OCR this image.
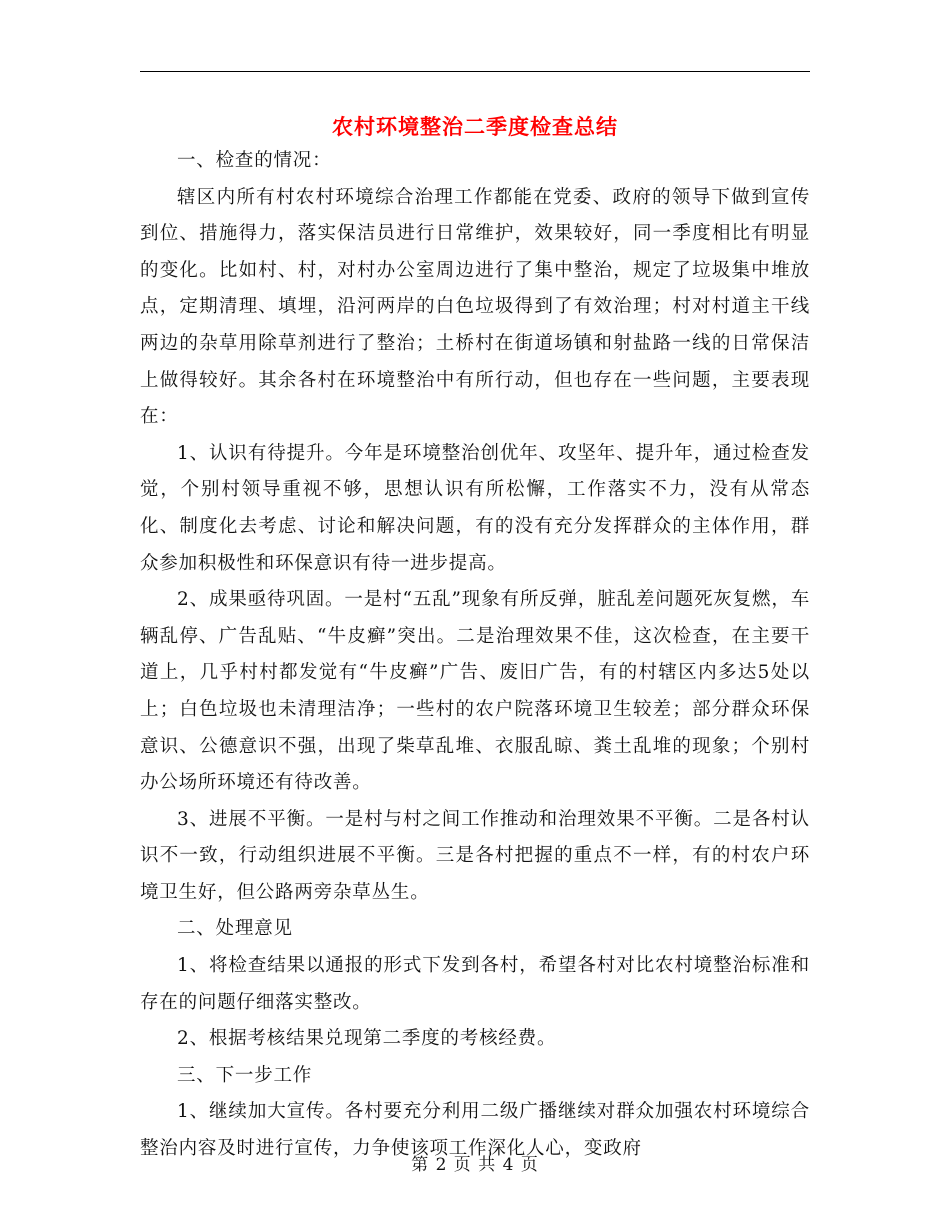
农村环境整治二季度检查总结

一、检查的情况：

辖区内所有村农村环境综合治理工作都能在党委、政府的领导下做到宣传到位、措施得力，落实保洁员进行日常维护，效果较好，同一季度相比有明显的变化。比如村、村，对村办公室周边进行了集中整治，规定了垃圾集中堆放点，定期清理、填埋，沿河两岸的白色垃圾得到了有效治理；村对村道主干线两边的杂草用除草剂进行了整治；土桥村在街道场镇和射盐路一线的日常保洁上做得较好。其余各村在环境整治中有所行动，但也存在一些问题，主要表现在：

1、认识有待提升。今年是环境整治创优年、攻坚年、提升年，通过检查发觉，个别村领导重视不够，思想认识有所松懈，工作落实不力，没有从常态化、制度化去考虑、讨论和解决问题，有的没有充分发挥群众的主体作用，群众参加积极性和环保意识有待一进步提高。

2、成果亟待巩固。一是村“五乱”现象有所反弹，脏乱差问题死灰复燃，车辆乱停、广告乱贴、“牛皮癣”突出。二是治理效果不佳，这次检查，在主要干道上，几乎村村都发觉有“牛皮癣”广告、废旧广告，有的村辖区内多达5处以上；白色垃圾也未清理洁净；一些村的农户院落环境卫生较差；部分群众环保意识、公德意识不强，出现了柴草乱堆、衣服乱晾、粪土乱堆的现象；个别村办公场所环境还有待改善。

3、进展不平衡。一是村与村之间工作推动和治理效果不平衡。二是各村认识不一致，行动组织进展不平衡。三是各村把握的重点不一样，有的村农户环境卫生好，但公路两旁杂草丛生。

二、处理意见

1、将检查结果以通报的形式下发到各村，希望各村对比农村境整治标准和存在的问题仔细落实整改。

2、根据考核结果兑现第二季度的考核经费。

三、下一步工作

1、继续加大宣传。各村要充分利用二级广播继续对群众加强农村环境综合整治内容及时进行宣传，力争使该项工作深化人心，变政府

第 2 页 共 4 页
